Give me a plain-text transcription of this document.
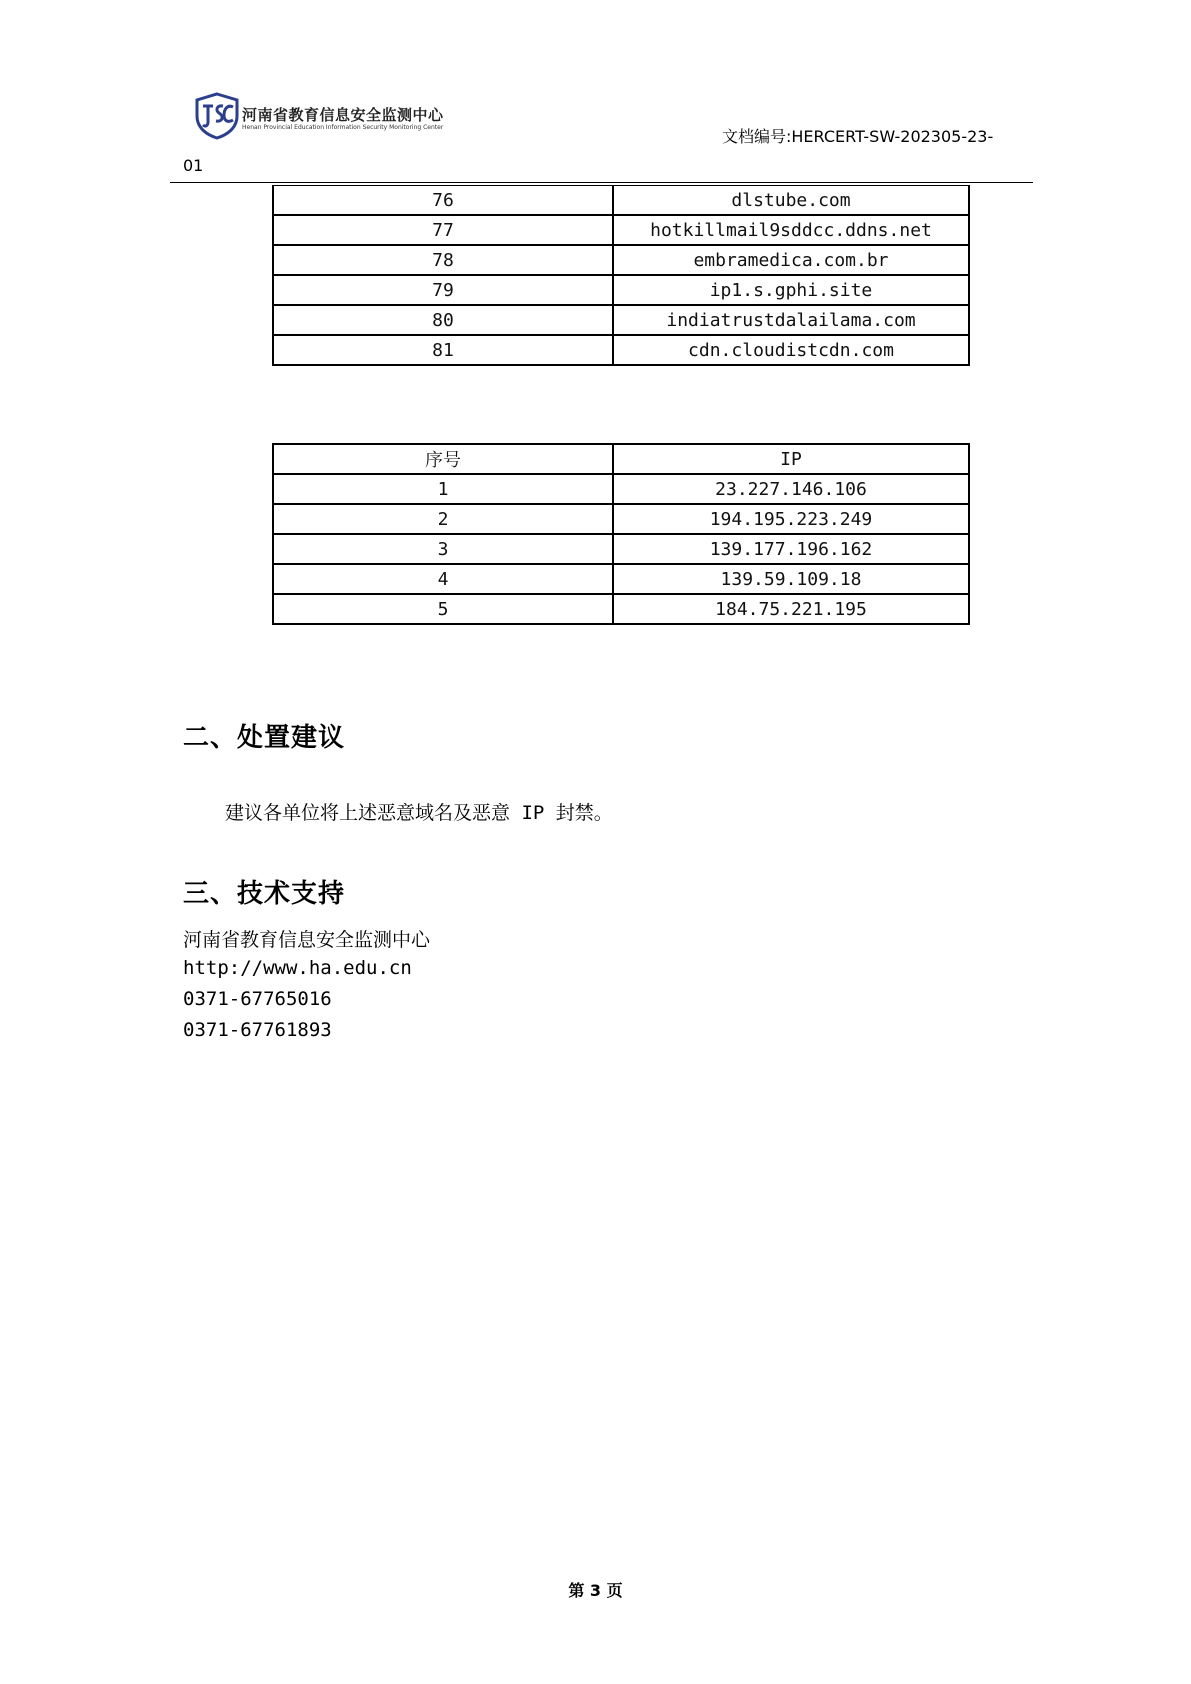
河南省教育信息安全监测中心
Henan Provincial Education Information Security Monitoring Center	文档编号:HERCERT-SW-202305-23-
01
76	dlstube.com
77	hotkillmail9sddcc.ddns.net
78	embramedica.com.br
79	ip1.s.gphi.site
80	indiatrustdalailama.com
81	cdn.cloudistcdn.com
序号	IP
1	23.227.146.106
2	194.195.223.249
3	139.177.196.162
4	139.59.109.18
5	184.75.221.195
二、处置建议
建议各单位将上述恶意域名及恶意 IP 封禁。
三、技术支持
河南省教育信息安全监测中心
http://www.ha.edu.cn
0371-67765016
0371-67761893
第 3 页
